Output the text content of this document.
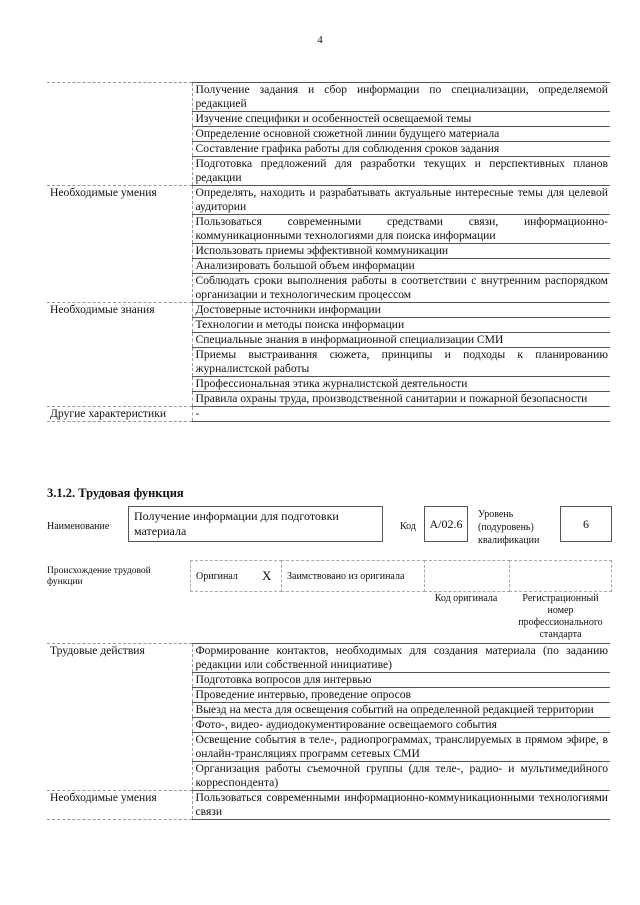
4
	Получение задания и сбор информации по специализации, определяемой редакцией
	Изучение специфики и особенностей освещаемой темы
	Определение основной сюжетной линии будущего материала
	Составление графика работы для соблюдения сроков задания
	Подготовка предложений для разработки текущих и перспективных планов редакции
Необходимые умения	Определять, находить и разрабатывать актуальные интересные темы для целевой аудитории
	Пользоваться современными средствами связи, информационно-коммуникационными технологиями для поиска информации
	Использовать приемы эффективной коммуникации
	Анализировать большой объем информации
	Соблюдать сроки выполнения работы в соответствии с внутренним распорядком организации и технологическим процессом
Необходимые знания	Достоверные источники информации
	Технологии и методы поиска информации
	Специальные знания в информационной специализации СМИ
	Приемы выстраивания сюжета, принципы и подходы к планированию журналистской работы
	Профессиональная этика журналистской деятельности
	Правила охраны труда, производственной санитарии и пожарной безопасности
Другие характеристики	-
3.1.2. Трудовая функция
Наименование
Получение информации для подготовки материала	Код	А/02.6
Уровень (подуровень) квалификации
6
Происхождение трудовой функции	Оригинал X Заимствовано из оригинала
Код оригинала	Регистрационный номер профессионального стандарта
Трудовые действия	Формирование контактов, необходимых для создания материала (по заданию редакции или собственной инициативе)
	Подготовка вопросов для интервью
	Проведение интервью, проведение опросов
	Выезд на места для освещения событий на определенной редакцией территории
	Фото-, видео- аудиодокументирование освещаемого события
	Освещение события в теле-, радиопрограммах, транслируемых в прямом эфире, в онлайн-трансляциях программ сетевых СМИ
	Организация работы съемочной группы (для теле-, радио- и мультимедийного корреспондента)
Необходимые умения	Пользоваться современными информационно-коммуникационными технологиями связи
